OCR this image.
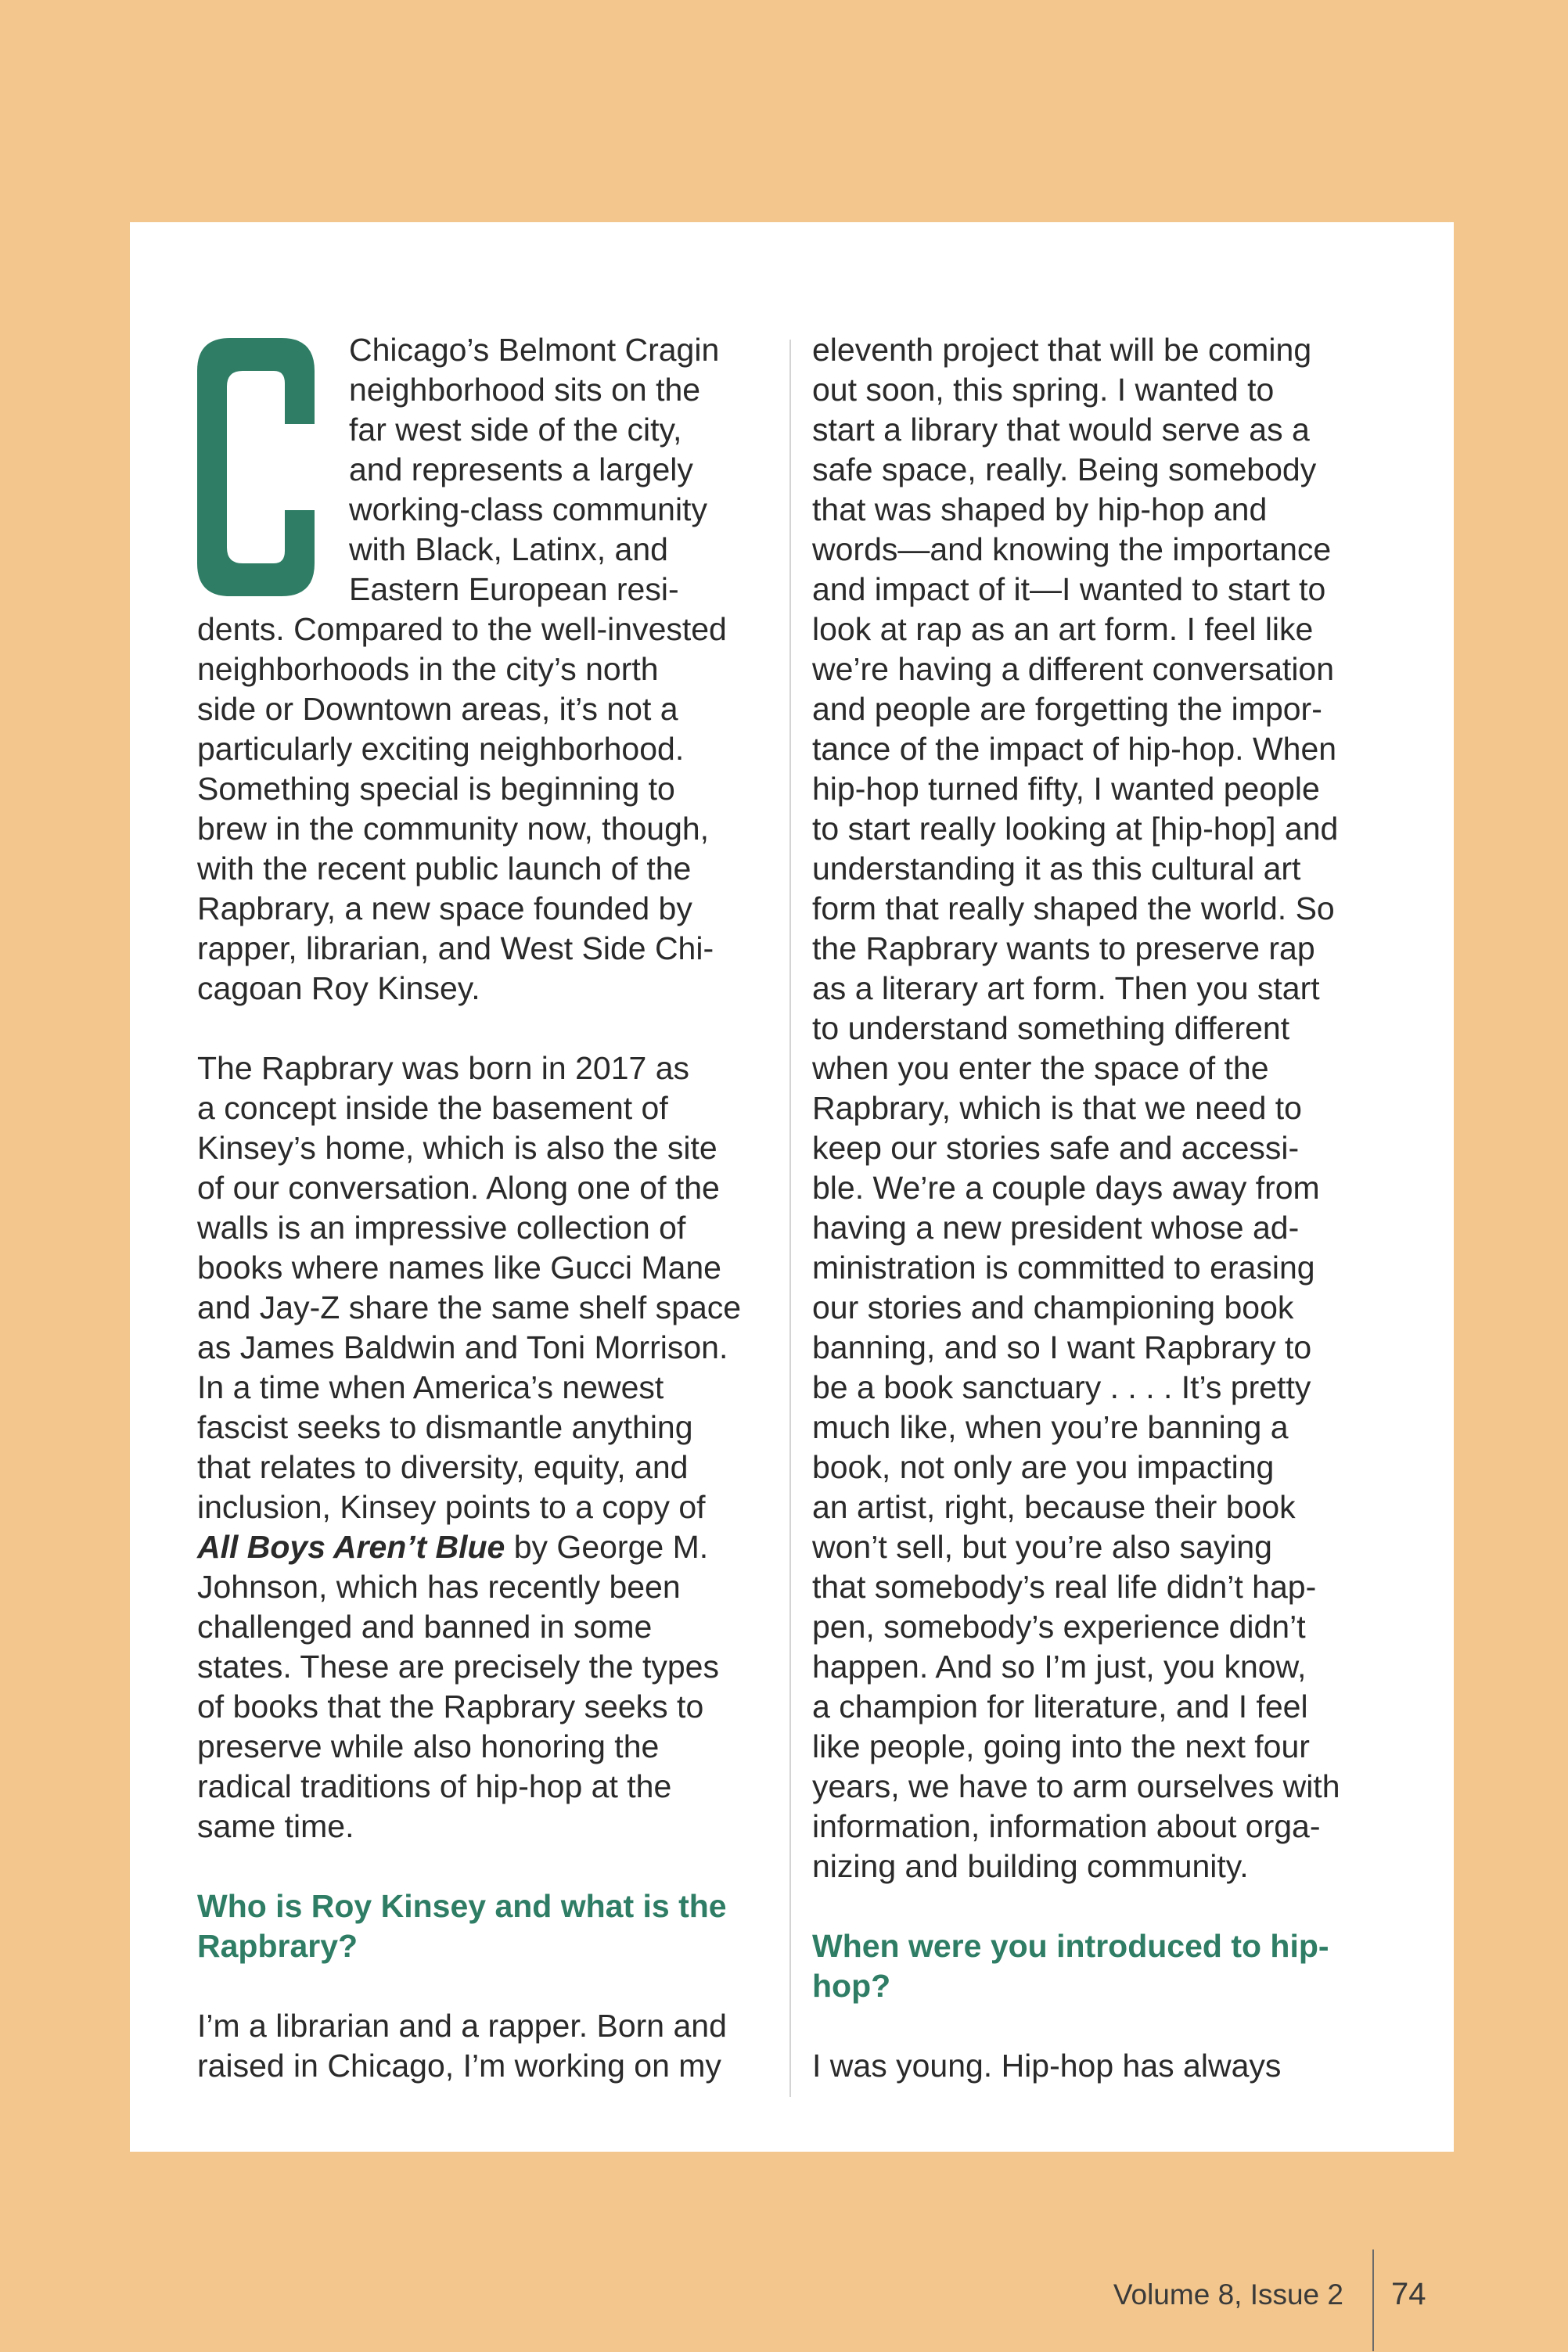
Chicago’s Belmont Cragin
neighborhood sits on the
far west side of the city,
and represents a largely
working-class community
with Black, Latinx, and
Eastern European resi-
dents. Compared to the well-invested
neighborhoods in the city’s north
side or Downtown areas, it’s not a
particularly exciting neighborhood.
Something special is beginning to
brew in the community now, though,
with the recent public launch of the
Rapbrary, a new space founded by
rapper, librarian, and West Side Chi-
cagoan Roy Kinsey.

The Rapbrary was born in 2017 as
a concept inside the basement of
Kinsey’s home, which is also the site
of our conversation. Along one of the
walls is an impressive collection of
books where names like Gucci Mane
and Jay-Z share the same shelf space
as James Baldwin and Toni Morrison.
In a time when America’s newest
fascist seeks to dismantle anything
that relates to diversity, equity, and
inclusion, Kinsey points to a copy of
All Boys Aren’t Blue by George M.
Johnson, which has recently been
challenged and banned in some
states. These are precisely the types
of books that the Rapbrary seeks to
preserve while also honoring the
radical traditions of hip-hop at the
same time.

Who is Roy Kinsey and what is the
Rapbrary?

I’m a librarian and a rapper. Born and
raised in Chicago, I’m working on my

eleventh project that will be coming
out soon, this spring. I wanted to
start a library that would serve as a
safe space, really. Being somebody
that was shaped by hip-hop and
words—and knowing the importance
and impact of it—I wanted to start to
look at rap as an art form. I feel like
we’re having a different conversation
and people are forgetting the impor-
tance of the impact of hip-hop. When
hip-hop turned fifty, I wanted people
to start really looking at [hip-hop] and
understanding it as this cultural art
form that really shaped the world. So
the Rapbrary wants to preserve rap
as a literary art form. Then you start
to understand something different
when you enter the space of the
Rapbrary, which is that we need to
keep our stories safe and accessi-
ble. We’re a couple days away from
having a new president whose ad-
ministration is committed to erasing
our stories and championing book
banning, and so I want Rapbrary to
be a book sanctuary . . . . It’s pretty
much like, when you’re banning a
book, not only are you impacting
an artist, right, because their book
won’t sell, but you’re also saying
that somebody’s real life didn’t hap-
pen, somebody’s experience didn’t
happen. And so I’m just, you know,
a champion for literature, and I feel
like people, going into the next four
years, we have to arm ourselves with
information, information about orga-
nizing and building community.

When were you introduced to hip-
hop?

I was young. Hip-hop has always

Volume 8, Issue 2 74
